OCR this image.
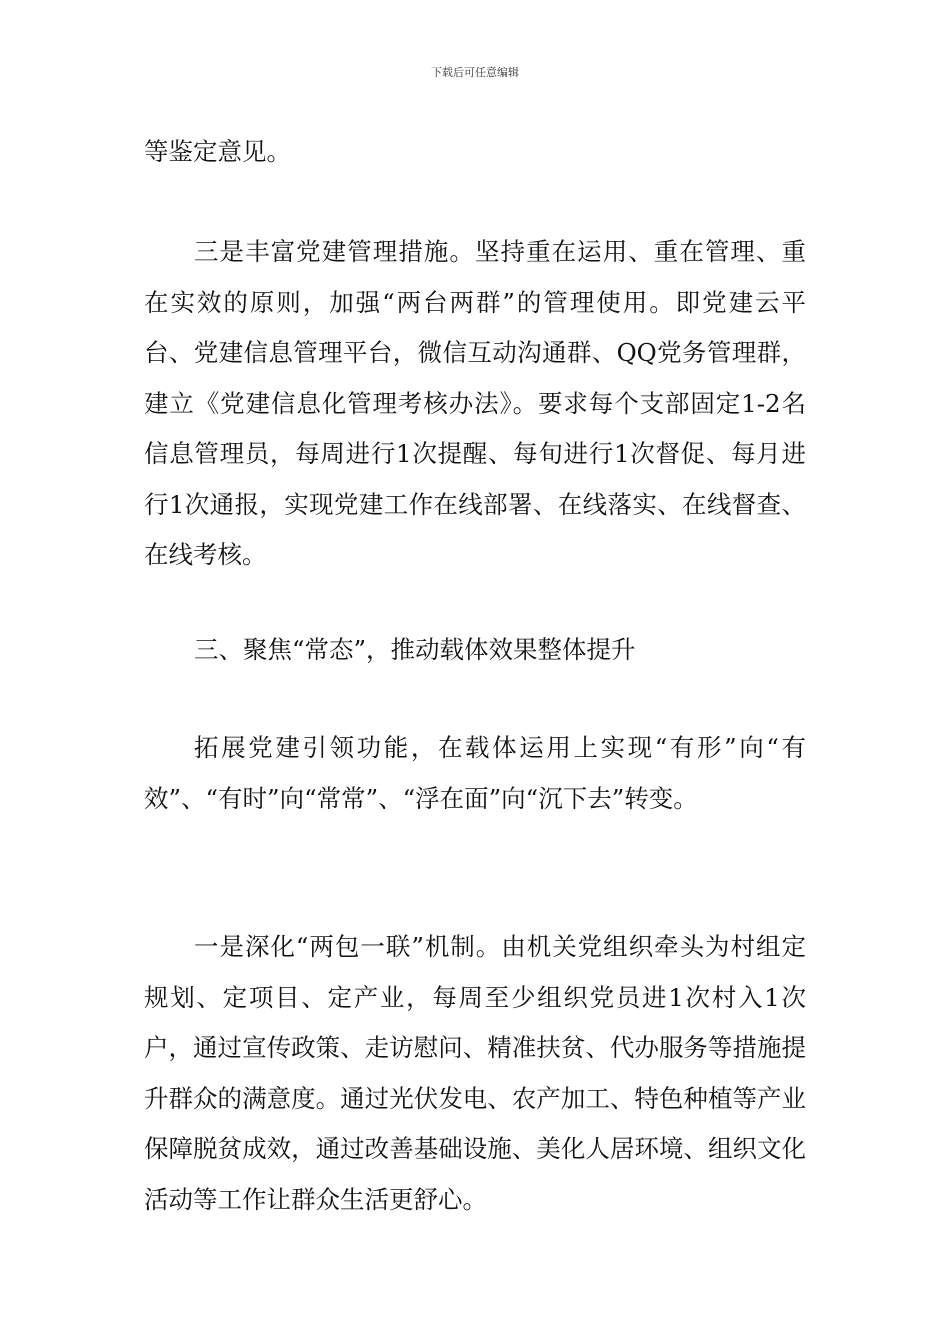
下载后可任意编辑

等鉴定意见。

三是丰富党建管理措施。坚持重在运用、重在管理、重在实效的原则，加强“两台两群”的管理使用。即党建云平台、党建信息管理平台，微信互动沟通群、QQ党务管理群，建立《党建信息化管理考核办法》。要求每个支部固定1-2名信息管理员，每周进行1次提醒、每旬进行1次督促、每月进行1次通报，实现党建工作在线部署、在线落实、在线督查、在线考核。

三、聚焦“常态”，推动载体效果整体提升

拓展党建引领功能，在载体运用上实现“有形”向“有效”、“有时”向“常常”、“浮在面”向“沉下去”转变。

一是深化“两包一联”机制。由机关党组织牵头为村组定规划、定项目、定产业，每周至少组织党员进1次村入1次户，通过宣传政策、走访慰问、精准扶贫、代办服务等措施提升群众的满意度。通过光伏发电、农产加工、特色种植等产业保障脱贫成效，通过改善基础设施、美化人居环境、组织文化活动等工作让群众生活更舒心。
